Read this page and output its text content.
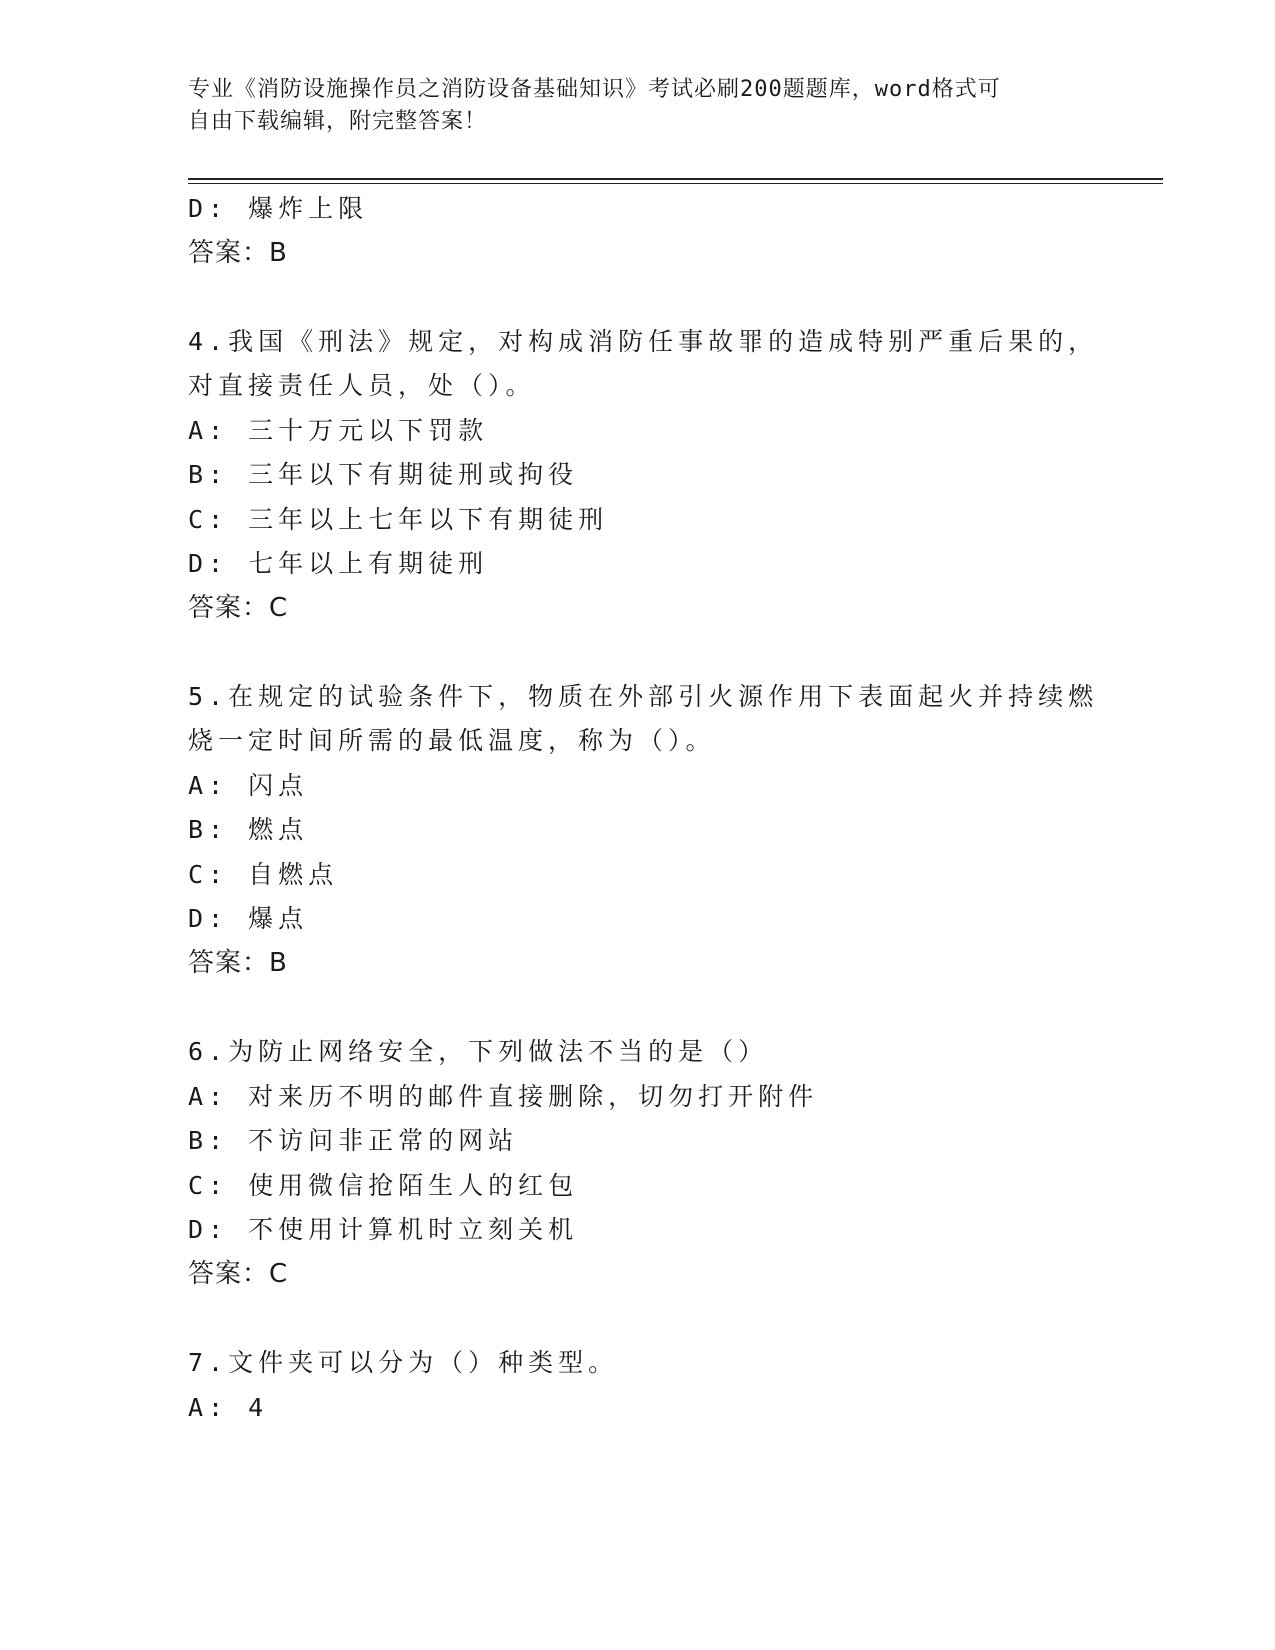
专业《消防设施操作员之消防设备基础知识》考试必刷200题题库，word格式可
自由下载编辑，附完整答案！
D: 爆炸上限
答案：B
4.我国《刑法》规定，对构成消防任事故罪的造成特别严重后果的，
对直接责任人员，处（）。
A: 三十万元以下罚款
B: 三年以下有期徒刑或拘役
C: 三年以上七年以下有期徒刑
D: 七年以上有期徒刑
答案：C
5.在规定的试验条件下，物质在外部引火源作用下表面起火并持续燃
烧一定时间所需的最低温度，称为（）。
A: 闪点
B: 燃点
C: 自燃点
D: 爆点
答案：B
6.为防止网络安全，下列做法不当的是（）
A: 对来历不明的邮件直接删除，切勿打开附件
B: 不访问非正常的网站
C: 使用微信抢陌生人的红包
D: 不使用计算机时立刻关机
答案：C
7.文件夹可以分为（）种类型。
A: 4
